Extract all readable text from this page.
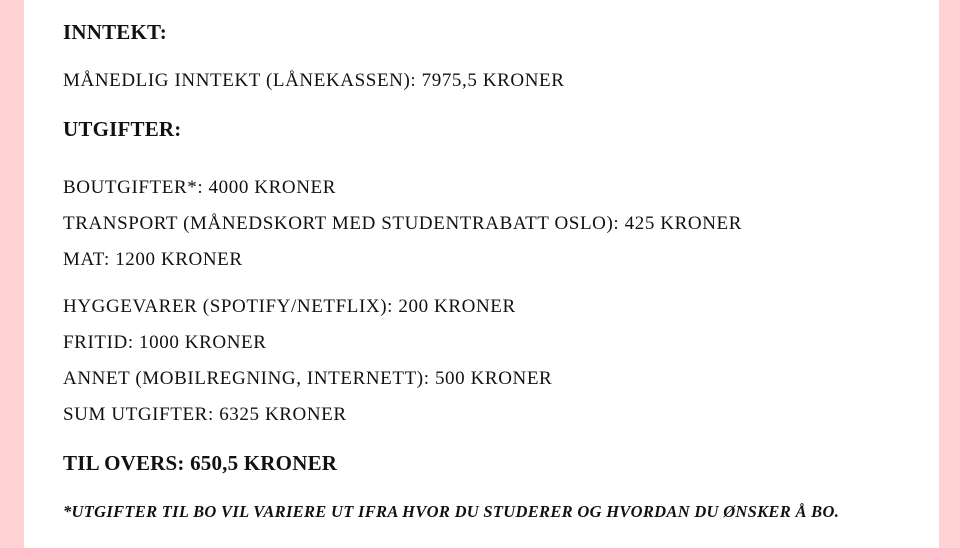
INNTEKT:

MÅNEDLIG INNTEKT (LÅNEKASSEN): 7975,5 KRONER

UTGIFTER:

BOUTGIFTER*: 4000 KRONER

TRANSPORT (MÅNEDSKORT MED STUDENTRABATT OSLO): 425 KRONER

MAT: 1200 KRONER

HYGGEVARER (SPOTIFY/NETFLIX): 200 KRONER

FRITID: 1000 KRONER

ANNET (MOBILREGNING, INTERNETT): 500 KRONER

SUM UTGIFTER: 6325 KRONER

TIL OVERS: 650,5 KRONER

*UTGIFTER TIL BO VIL VARIERE UT IFRA HVOR DU STUDERER OG HVORDAN DU ØNSKER Å BO.
